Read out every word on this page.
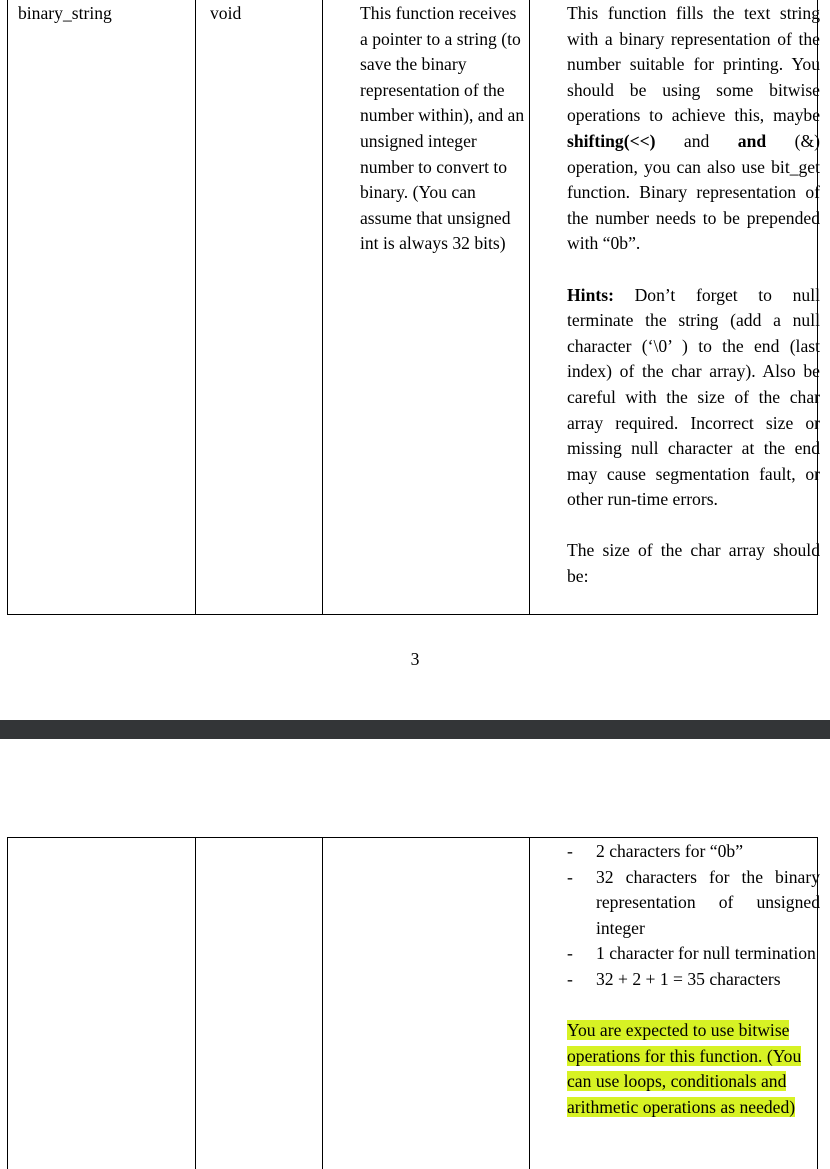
binary_string	void	This function receives a pointer to a string (to save the binary representation of the number within), and an unsigned integer number to convert to binary. (You can assume that unsigned int is always 32 bits)

This function fills the text string with a binary representation of the number suitable for printing. You should be using some bitwise operations to achieve this, maybe shifting(<<) and and (&) operation, you can also use bit_get function. Binary representation of the number needs to be prepended with “0b”.

Hints: Don’t forget to null terminate the string (add a null character (‘\0’ ) to the end (last index) of the char array). Also be careful with the size of the char array required. Incorrect size or missing null character at the end may cause segmentation fault, or other run-time errors.

The size of the char array should be:

3
- 2 characters for “0b”
- 32 characters for the binary representation of unsigned integer
- 1 character for null termination
- 32 + 2 + 1 = 35 characters
You are expected to use bitwise operations for this function. (You can use loops, conditionals and arithmetic operations as needed)
